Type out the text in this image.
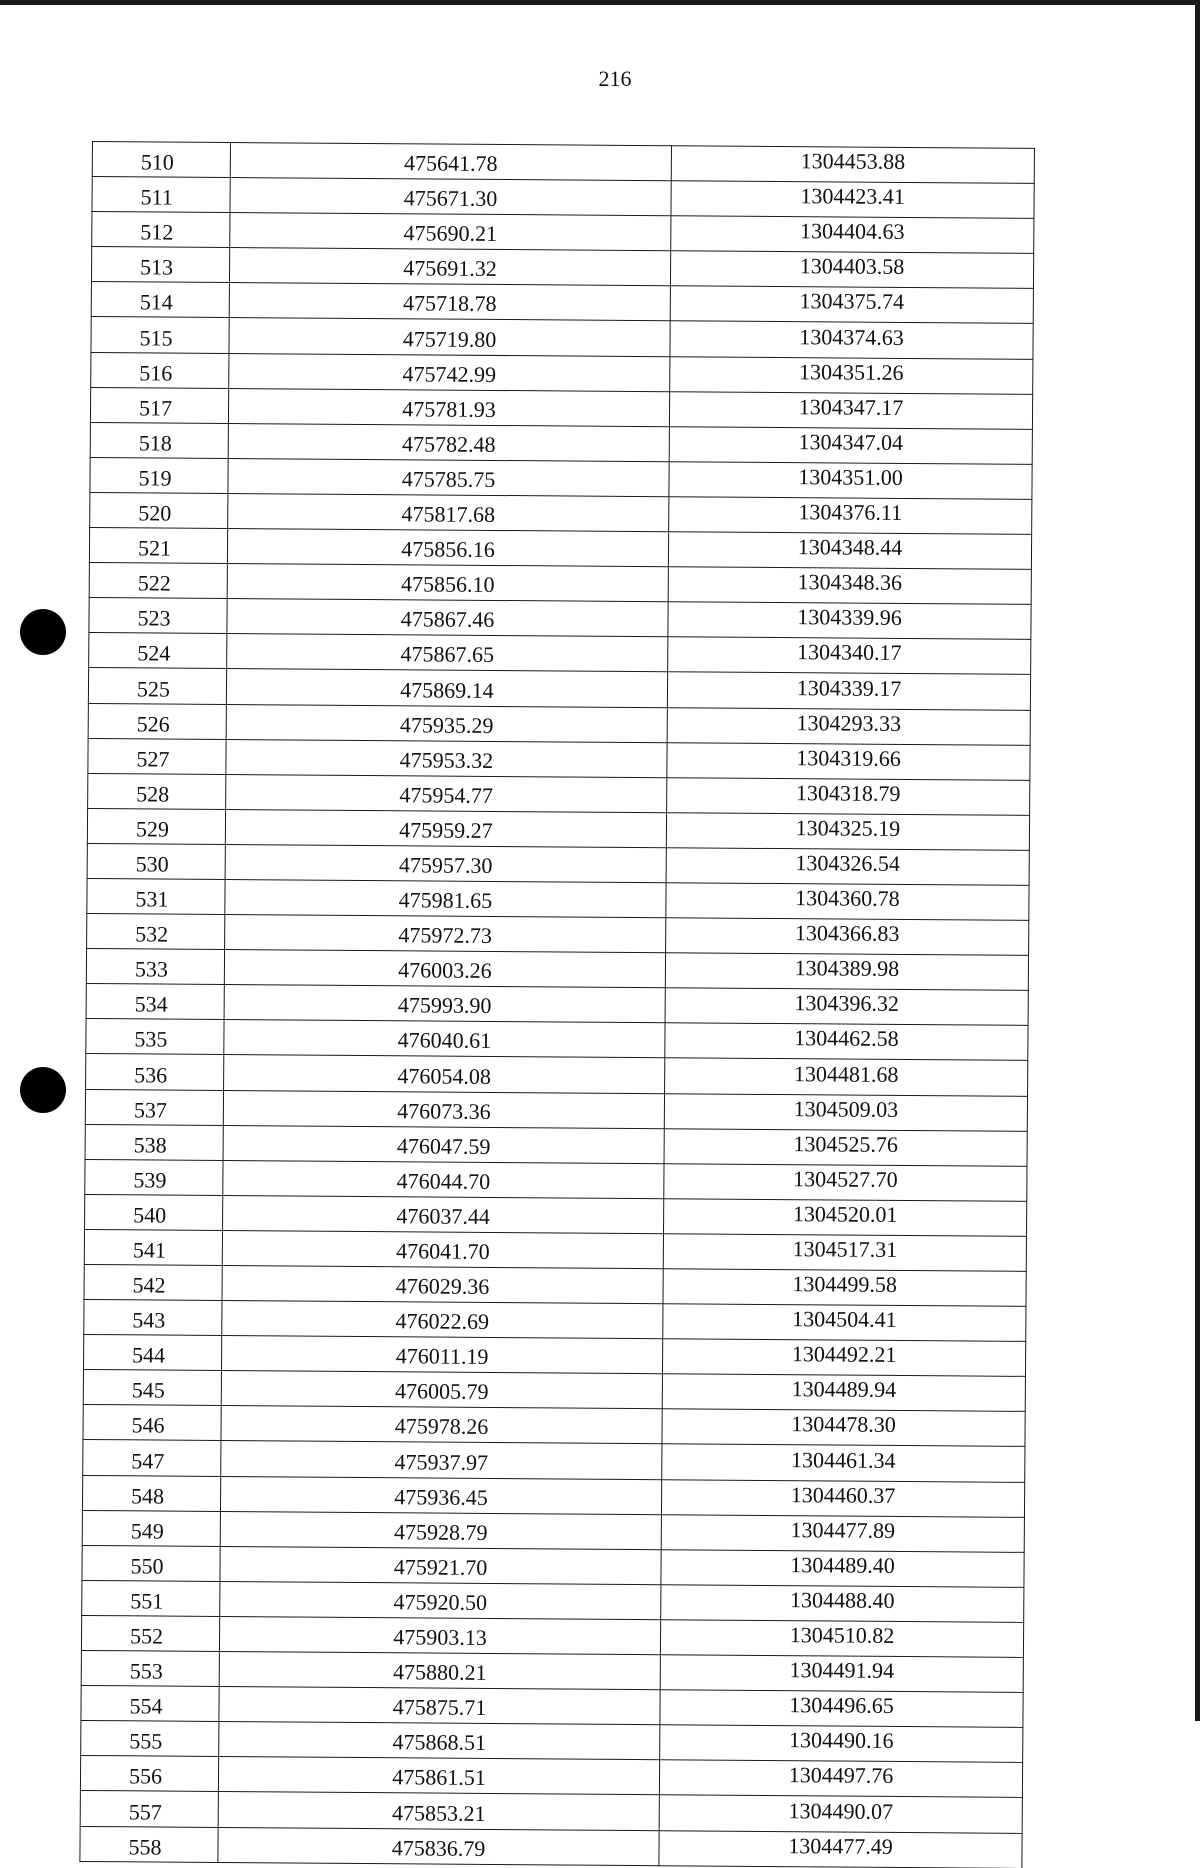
216
510	475641.78	1304453.88
511	475671.30	1304423.41
512	475690.21	1304404.63
513	475691.32	1304403.58
514	475718.78	1304375.74
515	475719.80	1304374.63
516	475742.99	1304351.26
517	475781.93	1304347.17
518	475782.48	1304347.04
519	475785.75	1304351.00
520	475817.68	1304376.11
521	475856.16	1304348.44
522	475856.10	1304348.36
523	475867.46	1304339.96
524	475867.65	1304340.17
525	475869.14	1304339.17
526	475935.29	1304293.33
527	475953.32	1304319.66
528	475954.77	1304318.79
529	475959.27	1304325.19
530	475957.30	1304326.54
531	475981.65	1304360.78
532	475972.73	1304366.83
533	476003.26	1304389.98
534	475993.90	1304396.32
535	476040.61	1304462.58
536	476054.08	1304481.68
537	476073.36	1304509.03
538	476047.59	1304525.76
539	476044.70	1304527.70
540	476037.44	1304520.01
541	476041.70	1304517.31
542	476029.36	1304499.58
543	476022.69	1304504.41
544	476011.19	1304492.21
545	476005.79	1304489.94
546	475978.26	1304478.30
547	475937.97	1304461.34
548	475936.45	1304460.37
549	475928.79	1304477.89
550	475921.70	1304489.40
551	475920.50	1304488.40
552	475903.13	1304510.82
553	475880.21	1304491.94
554	475875.71	1304496.65
555	475868.51	1304490.16
556	475861.51	1304497.76
557	475853.21	1304490.07
558	475836.79	1304477.49
